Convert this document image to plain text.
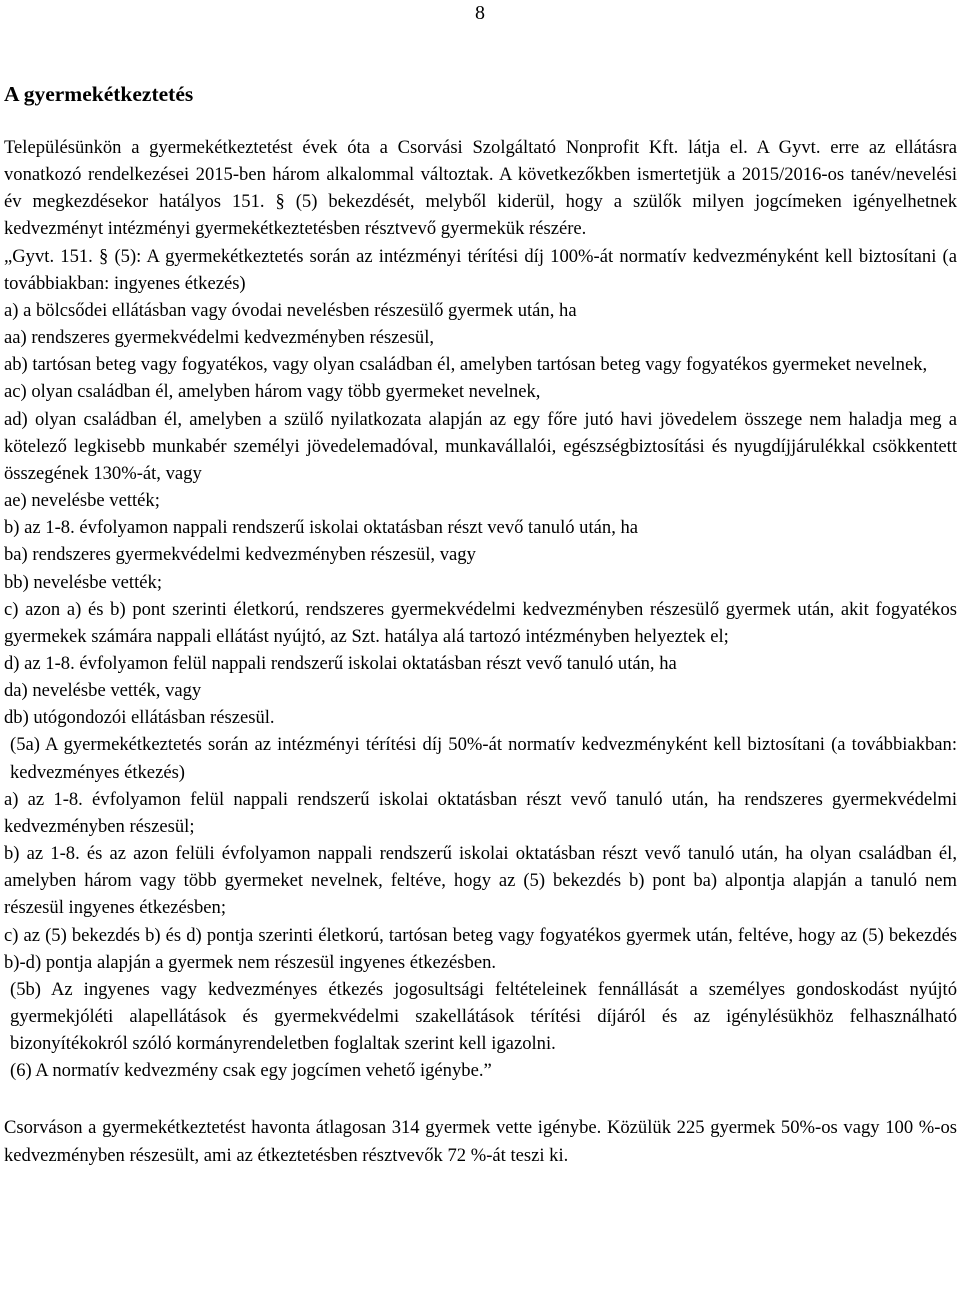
8
A gyermekétkeztetés

Településünkön a gyermekétkeztetést évek óta a Csorvási Szolgáltató Nonprofit Kft. látja el. A Gyvt. erre az ellátásra vonatkozó rendelkezései 2015-ben három alkalommal változtak. A következőkben ismertetjük a 2015/2016-os tanév/nevelési év megkezdésekor hatályos 151. § (5) bekezdését, melyből kiderül, hogy a szülők milyen jogcímeken igényelhetnek kedvezményt intézményi gyermekétkeztetésben résztvevő gyermekük részére.

„Gyvt. 151. § (5): A gyermekétkeztetés során az intézményi térítési díj 100%-át normatív kedvezményként kell biztosítani (a továbbiakban: ingyenes étkezés)

a) a bölcsődei ellátásban vagy óvodai nevelésben részesülő gyermek után, ha

aa) rendszeres gyermekvédelmi kedvezményben részesül,

ab) tartósan beteg vagy fogyatékos, vagy olyan családban él, amelyben tartósan beteg vagy fogyatékos gyermeket nevelnek,

ac) olyan családban él, amelyben három vagy több gyermeket nevelnek,

ad) olyan családban él, amelyben a szülő nyilatkozata alapján az egy főre jutó havi jövedelem összege nem haladja meg a kötelező legkisebb munkabér személyi jövedelemadóval, munkavállalói, egészségbiztosítási és nyugdíjjárulékkal csökkentett összegének 130%-át, vagy

ae) nevelésbe vették;

b) az 1-8. évfolyamon nappali rendszerű iskolai oktatásban részt vevő tanuló után, ha

ba) rendszeres gyermekvédelmi kedvezményben részesül, vagy

bb) nevelésbe vették;

c) azon a) és b) pont szerinti életkorú, rendszeres gyermekvédelmi kedvezményben részesülő gyermek után, akit fogyatékos gyermekek számára nappali ellátást nyújtó, az Szt. hatálya alá tartozó intézményben helyeztek el;

d) az 1-8. évfolyamon felül nappali rendszerű iskolai oktatásban részt vevő tanuló után, ha

da) nevelésbe vették, vagy

db) utógondozói ellátásban részesül.

(5a) A gyermekétkeztetés során az intézményi térítési díj 50%-át normatív kedvezményként kell biztosítani (a továbbiakban: kedvezményes étkezés)

a) az 1-8. évfolyamon felül nappali rendszerű iskolai oktatásban részt vevő tanuló után, ha rendszeres gyermekvédelmi kedvezményben részesül;

b) az 1-8. és az azon felüli évfolyamon nappali rendszerű iskolai oktatásban részt vevő tanuló után, ha olyan családban él, amelyben három vagy több gyermeket nevelnek, feltéve, hogy az (5) bekezdés b) pont ba) alpontja alapján a tanuló nem részesül ingyenes étkezésben;

c) az (5) bekezdés b) és d) pontja szerinti életkorú, tartósan beteg vagy fogyatékos gyermek után, feltéve, hogy az (5) bekezdés b)-d) pontja alapján a gyermek nem részesül ingyenes étkezésben.

(5b) Az ingyenes vagy kedvezményes étkezés jogosultsági feltételeinek fennállását a személyes gondoskodást nyújtó gyermekjóléti alapellátások és gyermekvédelmi szakellátások térítési díjáról és az igénylésükhöz felhasználható bizonyítékokról szóló kormányrendeletben foglaltak szerint kell igazolni.

(6) A normatív kedvezmény csak egy jogcímen vehető igénybe.”

Csorváson a gyermekétkeztetést havonta átlagosan 314 gyermek vette igénybe. Közülük 225 gyermek 50%-os vagy 100 %-os kedvezményben részesült, ami az étkeztetésben résztvevők 72 %-át teszi ki.
